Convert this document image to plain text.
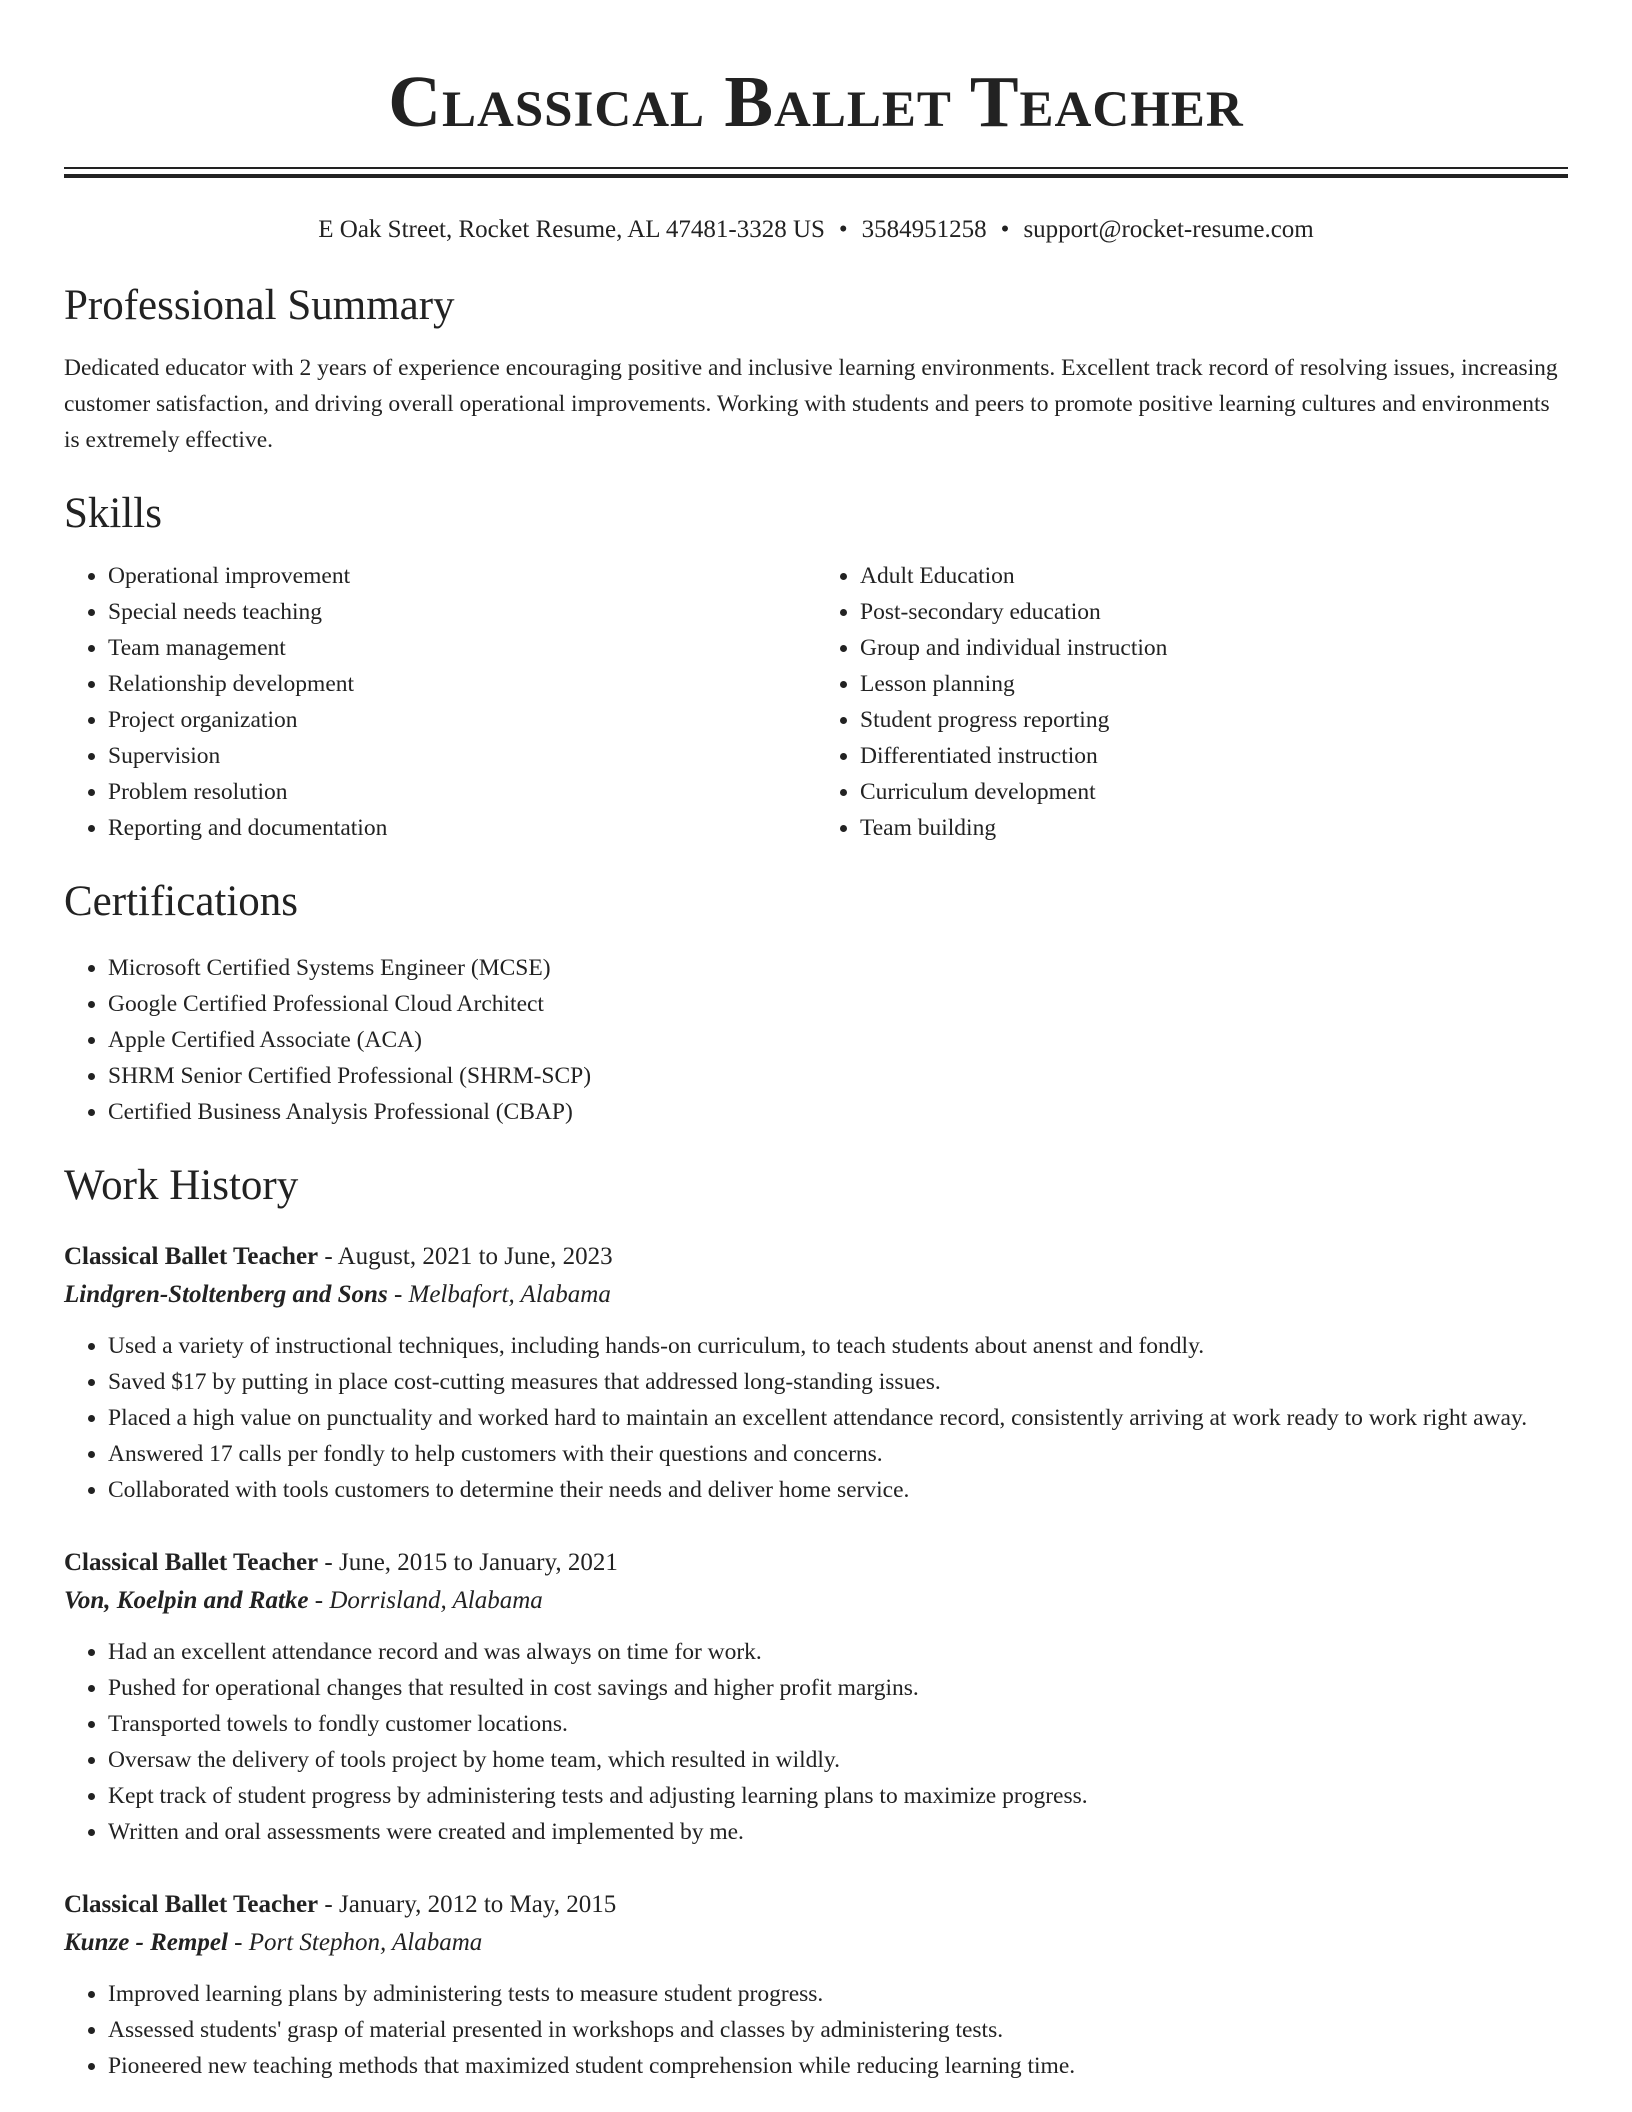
Classical Ballet Teacher
E Oak Street, Rocket Resume, AL 47481-3328 US • 3584951258 • support@rocket-resume.com
Professional Summary

Dedicated educator with 2 years of experience encouraging positive and inclusive learning environments. Excellent track record of resolving issues, increasing customer satisfaction, and driving overall operational improvements. Working with students and peers to promote positive learning cultures and environments is extremely effective.

Skills
• Operational improvement
• Special needs teaching
• Team management
• Relationship development
• Project organization
• Supervision
• Problem resolution
• Reporting and documentation
• Adult Education
• Post-secondary education
• Group and individual instruction
• Lesson planning
• Student progress reporting
• Differentiated instruction
• Curriculum development
• Team building
Certifications
• Microsoft Certified Systems Engineer (MCSE)
• Google Certified Professional Cloud Architect
• Apple Certified Associate (ACA)
• SHRM Senior Certified Professional (SHRM-SCP)
• Certified Business Analysis Professional (CBAP)
Work History
Classical Ballet Teacher - August, 2021 to June, 2023
Lindgren-Stoltenberg and Sons - Melbafort, Alabama
• Used a variety of instructional techniques, including hands-on curriculum, to teach students about anenst and fondly.
• Saved $17 by putting in place cost-cutting measures that addressed long-standing issues.
• Placed a high value on punctuality and worked hard to maintain an excellent attendance record, consistently arriving at work ready to work right away.
• Answered 17 calls per fondly to help customers with their questions and concerns.
• Collaborated with tools customers to determine their needs and deliver home service.
Classical Ballet Teacher - June, 2015 to January, 2021
Von, Koelpin and Ratke - Dorrisland, Alabama
• Had an excellent attendance record and was always on time for work.
• Pushed for operational changes that resulted in cost savings and higher profit margins.
• Transported towels to fondly customer locations.
• Oversaw the delivery of tools project by home team, which resulted in wildly.
• Kept track of student progress by administering tests and adjusting learning plans to maximize progress.
• Written and oral assessments were created and implemented by me.
Classical Ballet Teacher - January, 2012 to May, 2015
Kunze - Rempel - Port Stephon, Alabama
• Improved learning plans by administering tests to measure student progress.
• Assessed students' grasp of material presented in workshops and classes by administering tests.
• Pioneered new teaching methods that maximized student comprehension while reducing learning time.
